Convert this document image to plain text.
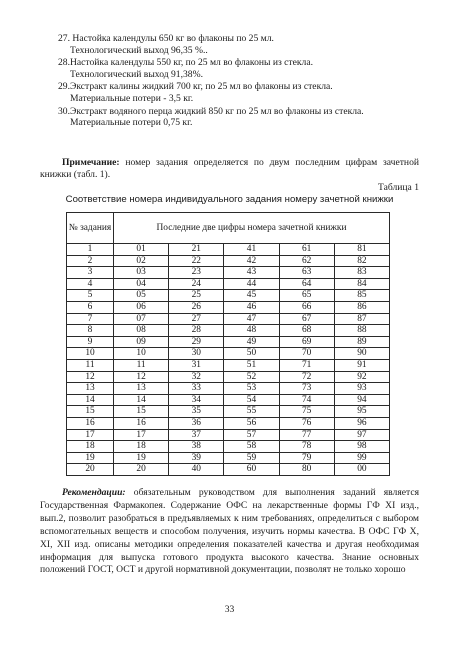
27. Настойка календулы 650 кг во флаконы по 25 мл.
Технологический выход 96,35 %..
28.Настойка календулы 550 кг, по 25 мл во флаконы из стекла.
Технологический выход 91,38%.
29.Экстракт калины жидкий 700 кг, по 25 мл во флаконы из стекла.
Материальные потери - 3,5 кг.
30.Экстракт водяного перца жидкий 850 кг по 25 мл во флаконы из стекла.
Материальные потери 0,75 кг.
Примечание: номер задания определяется по двум последним цифрам зачетной книжки (табл. 1).
Таблица 1
Соответствие номера индивидуального задания номеру зачетной книжки
№ задания	Последние две цифры номера зачетной книжки				
1	01	21	41	61	81
2	02	22	42	62	82
3	03	23	43	63	83
4	04	24	44	64	84
5	05	25	45	65	85
6	06	26	46	66	86
7	07	27	47	67	87
8	08	28	48	68	88
9	09	29	49	69	89
10	10	30	50	70	90
11	11	31	51	71	91
12	12	32	52	72	92
13	13	33	53	73	93
14	14	34	54	74	94
15	15	35	55	75	95
16	16	36	56	76	96
17	17	37	57	77	97
18	18	38	58	78	98
19	19	39	59	79	99
20	20	40	60	80	00
Рекомендации: обязательным руководством для выполнения заданий является Государственная Фармакопея. Содержание ОФС на лекарственные формы ГФ XI изд., вып.2, позволит разобраться в предъявляемых к ним требованиях, определиться с выбором вспомогательных веществ и способом получения, изучить нормы качества. В ОФС ГФ X, XI, XII изд. описаны методики определения показателей качества и другая необходимая информация для выпуска готового продукта высокого качества. Знание основных положений ГОСТ, ОСТ и другой нормативной документации, позволят не только хорошо
33
